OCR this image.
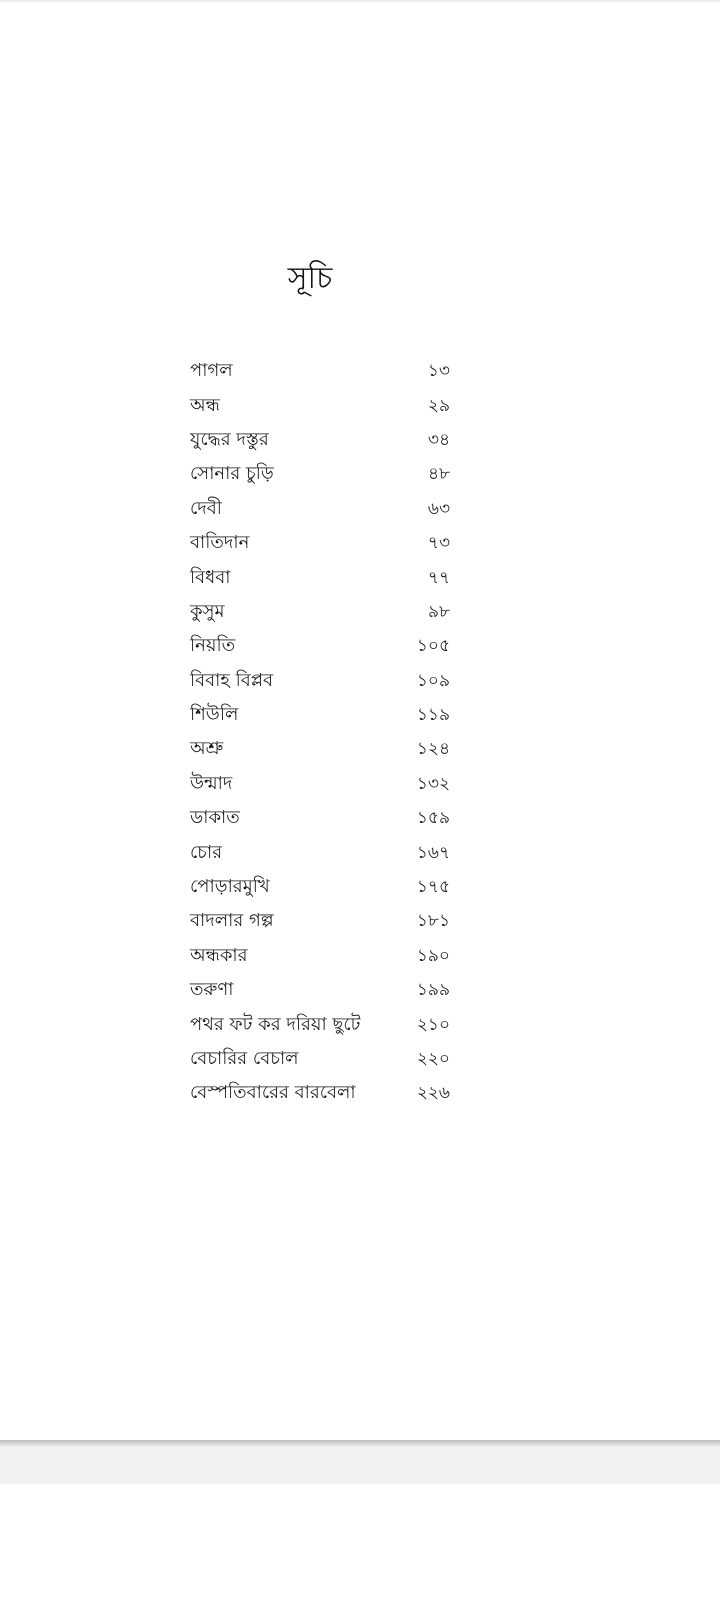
সূচি
পাগল	১৩
অন্ধ	২৯
যুদ্ধের দস্তুর	৩৪
সোনার চুড়ি	৪৮
দেবী	৬৩
বাতিদান	৭৩
বিধবা	৭৭
কুসুম	৯৮
নিয়তি	১০৫
বিবাহ বিপ্লব	১০৯
শিউলি	১১৯
অশ্রু	১২৪
উন্মাদ	১৩২
ডাকাত	১৫৯
চোর	১৬৭
পোড়ারমুখি	১৭৫
বাদলার গল্প	১৮১
অন্ধকার	১৯০
তরুণা	১৯৯
পথর ফট কর দরিয়া ছুটে	২১০
বেচারির বেচাল	২২০
বেস্পতিবারের বারবেলা	২২৬
